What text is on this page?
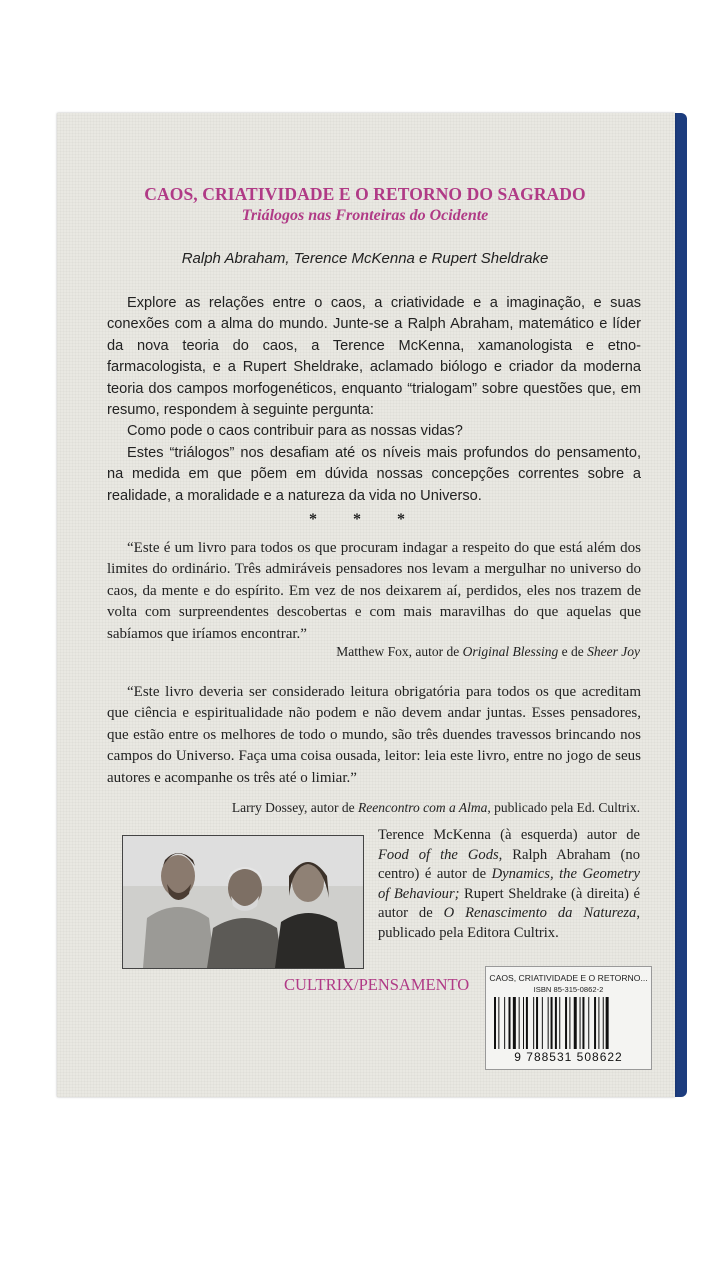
CAOS, CRIATIVIDADE E O RETORNO DO SAGRADO
Triálogos nas Fronteiras do Ocidente
Ralph Abraham, Terence McKenna e Rupert Sheldrake

Explore as relações entre o caos, a criatividade e a imaginação, e suas conexões com a alma do mundo. Junte-se a Ralph Abraham, matemático e líder da nova teoria do caos, a Terence McKenna, xamanologista e etno-farmacologista, e a Rupert Sheldrake, aclamado biólogo e criador da moderna teoria dos campos morfogenéticos, enquanto “trialogam” sobre questões que, em resumo, respondem à seguinte pergunta:

Como pode o caos contribuir para as nossas vidas?

Estes “triálogos” nos desafiam até os níveis mais profundos do pensamento, na medida em que põem em dúvida nossas concepções correntes sobre a realidade, a moralidade e a natureza da vida no Universo.

* * *

“Este é um livro para todos os que procuram indagar a respeito do que está além dos limites do ordinário. Três admiráveis pensadores nos levam a mergulhar no universo do caos, da mente e do espírito. Em vez de nos deixarem aí, perdidos, eles nos trazem de volta com surpreendentes descobertas e com mais maravilhas do que aquelas que sabíamos que iríamos encontrar.”

Matthew Fox, autor de Original Blessing e de Sheer Joy

“Este livro deveria ser considerado leitura obrigatória para todos os que acreditam que ciência e espiritualidade não podem e não devem andar juntas. Esses pensadores, que estão entre os melhores de todo o mundo, são três duendes travessos brincando nos campos do Universo. Faça uma coisa ousada, leitor: leia este livro, entre no jogo de seus autores e acompanhe os três até o limiar.”

Larry Dossey, autor de Reencontro com a Alma, publicado pela Ed. Cultrix.
Terence McKenna (à esquerda) autor de Food of the Gods, Ralph Abraham (no centro) é autor de Dynamics, the Geometry of Behaviour; Rupert Sheldrake (à direita) é autor de O Renascimento da Natureza, publicado pela Editora Cultrix.
CULTRIX/PENSAMENTO	CAOS, CRIATIVIDADE E O RETORNO...
ISBN 85-315-0862-2
9 788531 508622
